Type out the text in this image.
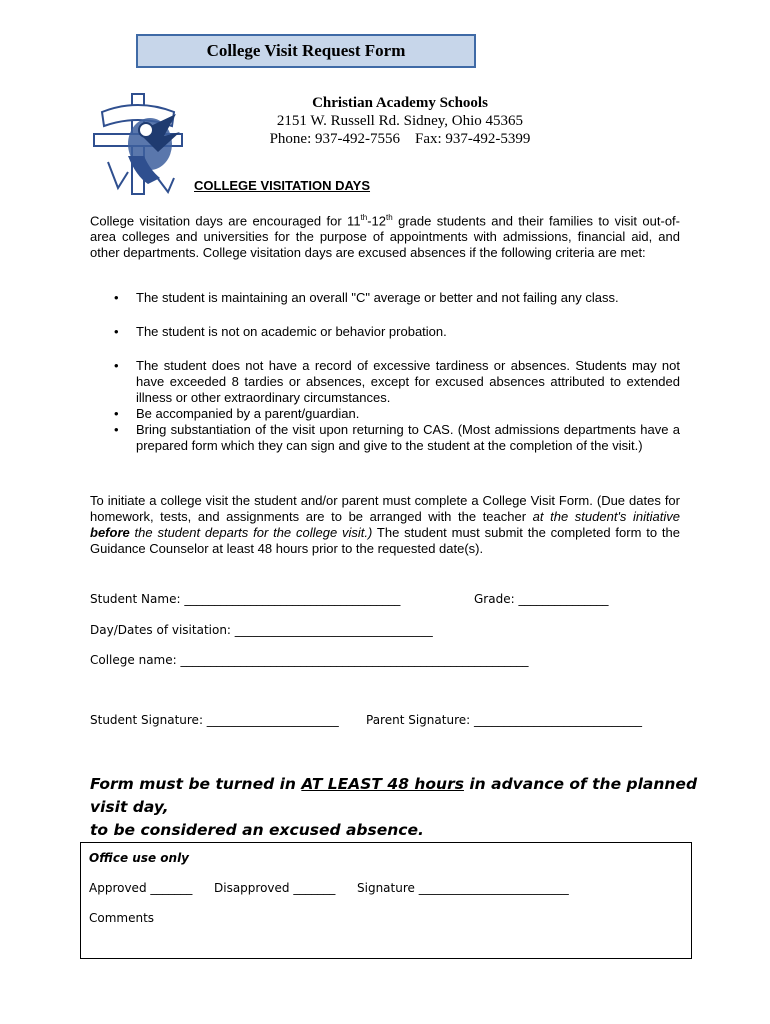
College Visit Request Form
Christian Academy Schools
2151 W. Russell Rd. Sidney, Ohio 45365
Phone: 937-492-7556 Fax: 937-492-5399
COLLEGE VISITATION DAYS
College visitation days are encouraged for 11th-12th grade students and their families to visit out-of-area colleges and universities for the purpose of appointments with admissions, financial aid, and other departments. College visitation days are excused absences if the following criteria are met:
• The student is maintaining an overall "C" average or better and not failing any class.
• The student is not on academic or behavior probation.
• The student does not have a record of excessive tardiness or absences. Students may not have exceeded 8 tardies or absences, except for excused absences attributed to extended illness or other extraordinary circumstances.
• Be accompanied by a parent/guardian.
• Bring substantiation of the visit upon returning to CAS. (Most admissions departments have a prepared form which they can sign and give to the student at the completion of the visit.)
To initiate a college visit the student and/or parent must complete a College Visit Form. (Due dates for homework, tests, and assignments are to be arranged with the teacher at the student's initiative before the student departs for the college visit.) The student must submit the completed form to the Guidance Counselor at least 48 hours prior to the requested date(s).
Student Name: ____________________________________	Grade: _______________
Day/Dates of visitation: _________________________________
College name: __________________________________________________________
Student Signature: ______________________ Parent Signature: ____________________________
Form must be turned in AT LEAST 48 hours in advance of the planned visit day,
to be considered an excused absence.
Office use only
Approved _______ Disapproved _______ Signature _________________________
Comments
